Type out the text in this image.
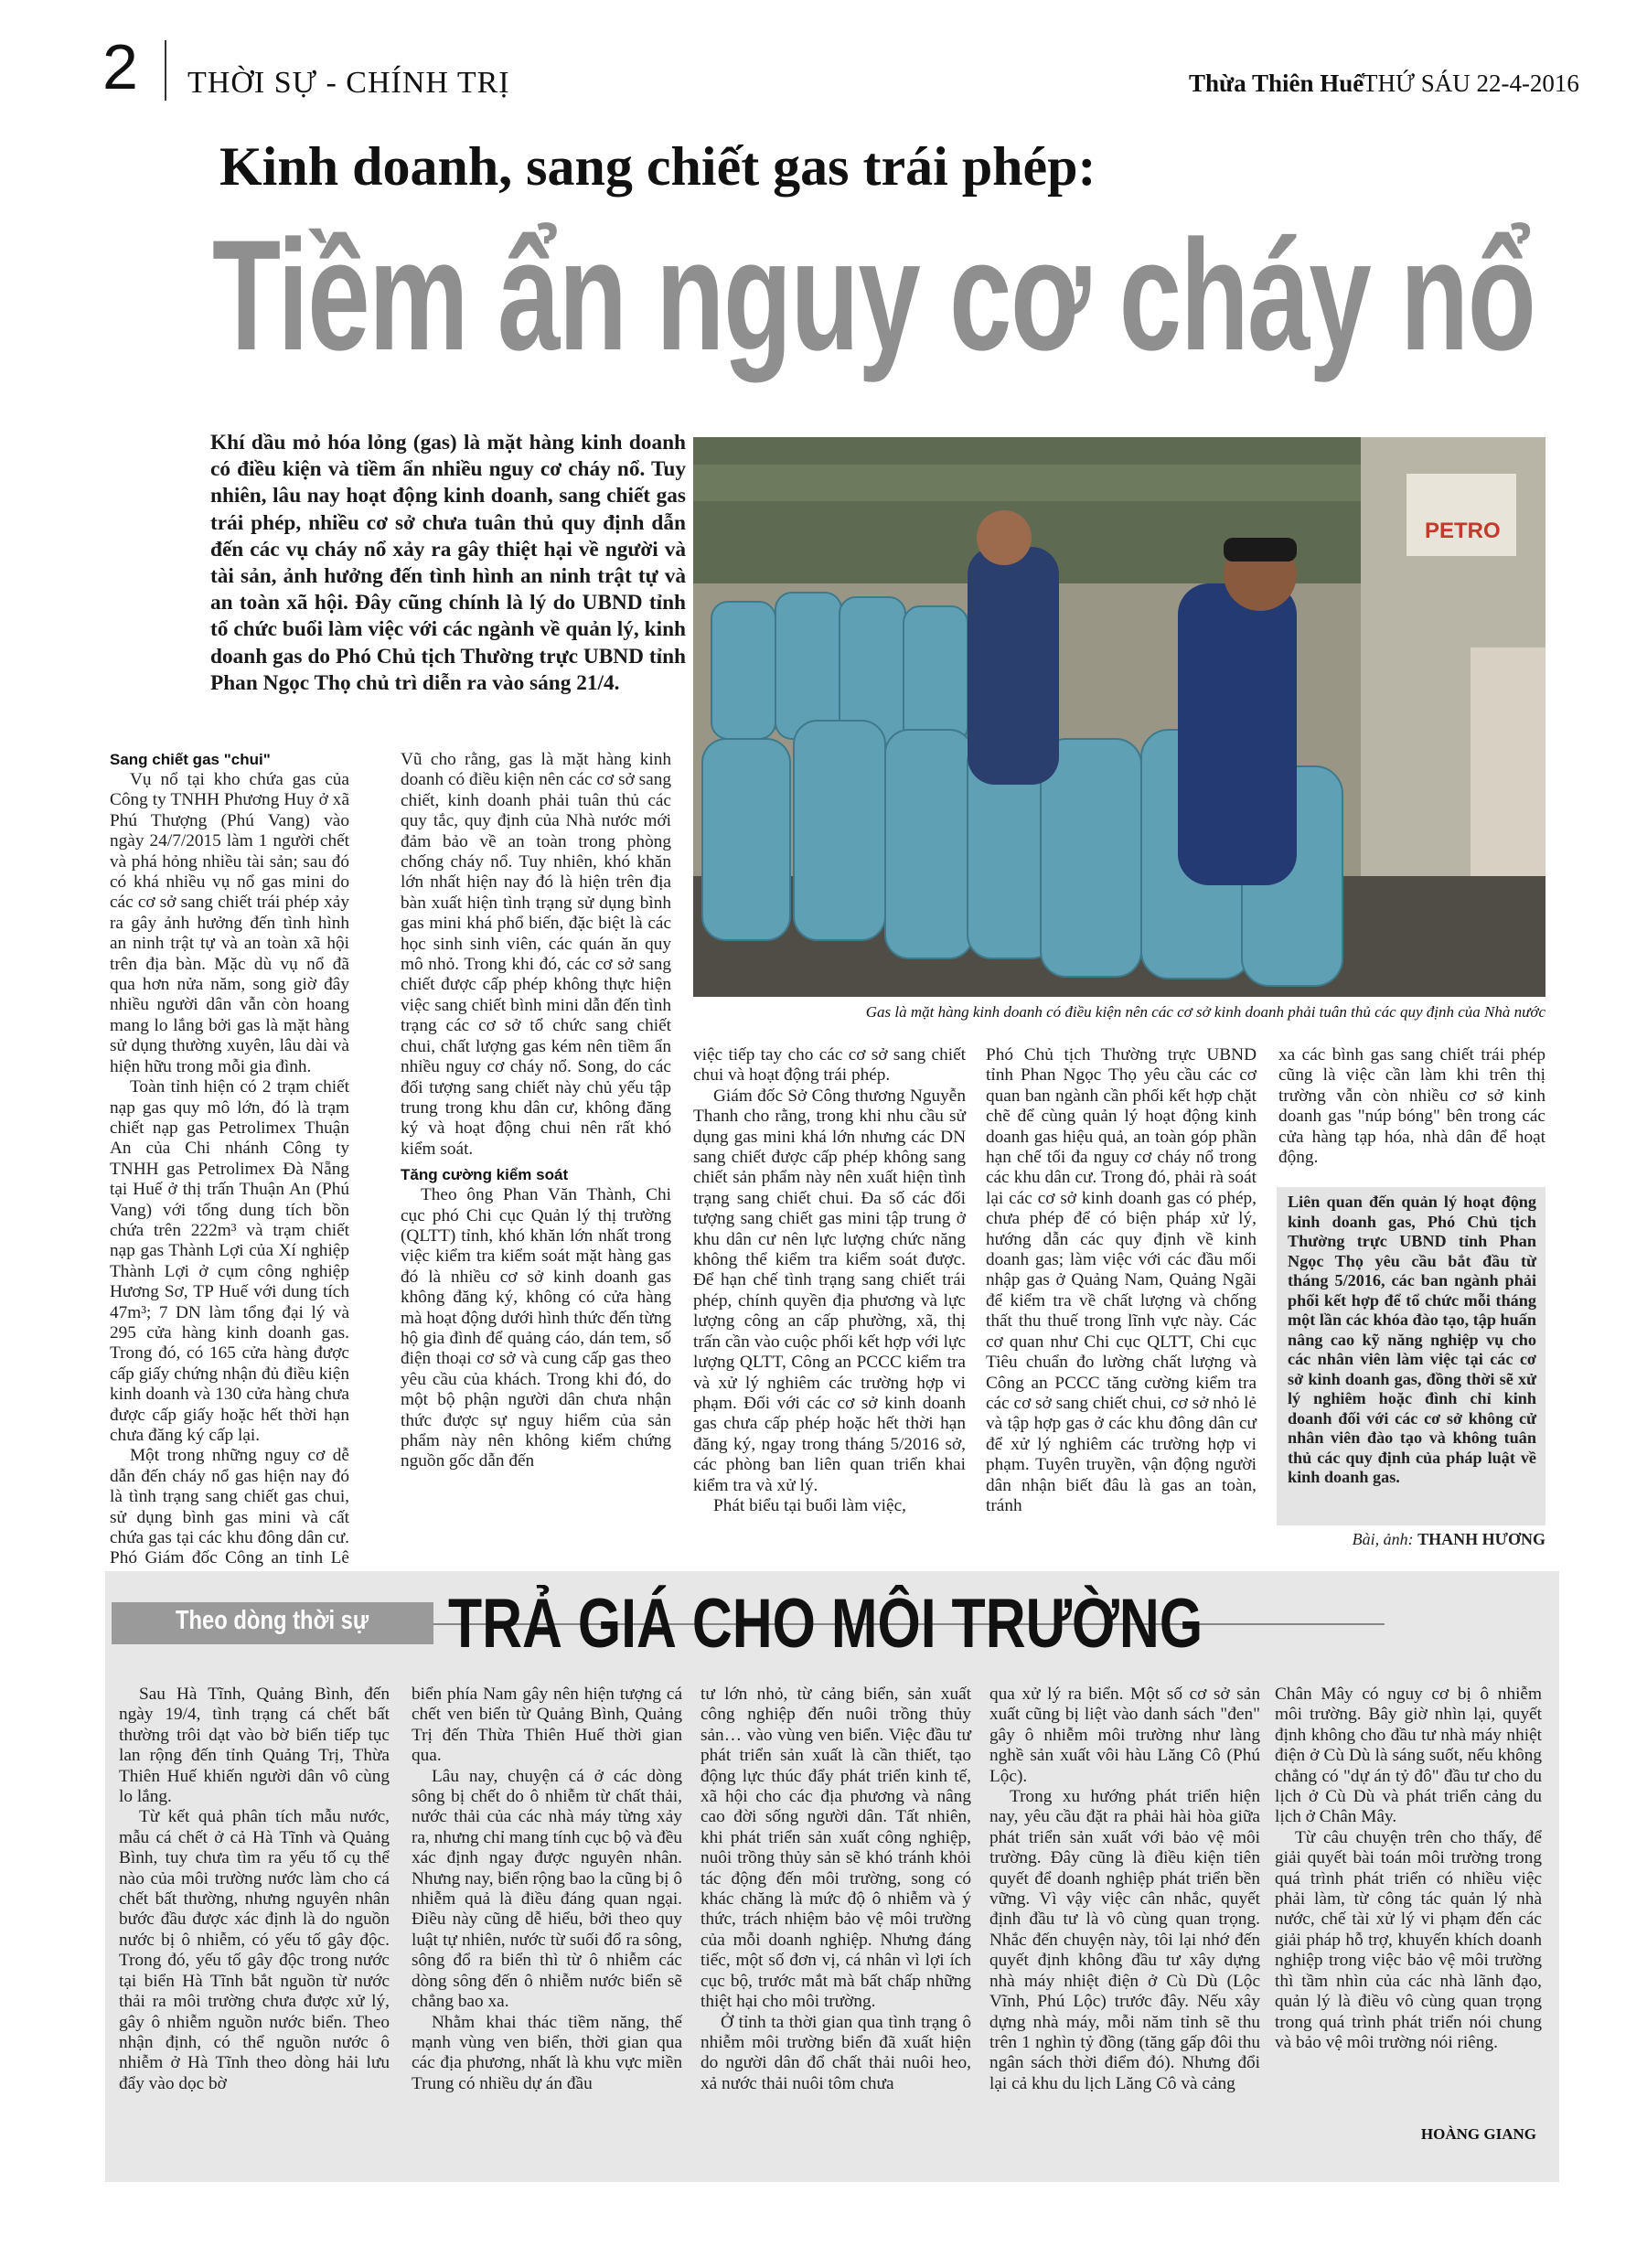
2 THỜI SỰ - CHÍNH TRỊ	Thừa Thiên Huế
THỨ SÁU 22-4-2016
Kinh doanh, sang chiết gas trái phép:
Tiềm ẩn nguy cơ cháy nổ
Khí dầu mỏ hóa lỏng (gas) là mặt hàng kinh doanh có điều kiện và tiềm ẩn nhiều nguy cơ cháy nổ. Tuy nhiên, lâu nay hoạt động kinh doanh, sang chiết gas trái phép, nhiều cơ sở chưa tuân thủ quy định dẫn đến các vụ cháy nổ xảy ra gây thiệt hại về người và tài sản, ảnh hưởng đến tình hình an ninh trật tự và an toàn xã hội. Đây cũng chính là lý do UBND tỉnh tổ chức buổi làm việc với các ngành về quản lý, kinh doanh gas do Phó Chủ tịch Thường trực UBND tỉnh Phan Ngọc Thọ chủ trì diễn ra vào sáng 21/4.
PETRO
Gas là mặt hàng kinh doanh có điều kiện nên các cơ sở kinh doanh phải tuân thủ các quy định của Nhà nước

Sang chiết gas "chui"

Vụ nổ tại kho chứa gas của Công ty TNHH Phương Huy ở xã Phú Thượng (Phú Vang) vào ngày 24/7/2015 làm 1 người chết và phá hỏng nhiều tài sản; sau đó có khá nhiều vụ nổ gas mini do các cơ sở sang chiết trái phép xảy ra gây ảnh hưởng đến tình hình an ninh trật tự và an toàn xã hội trên địa bàn. Mặc dù vụ nổ đã qua hơn nửa năm, song giờ đây nhiều người dân vẫn còn hoang mang lo lắng bởi gas là mặt hàng sử dụng thường xuyên, lâu dài và hiện hữu trong mỗi gia đình.

Toàn tỉnh hiện có 2 trạm chiết nạp gas quy mô lớn, đó là trạm chiết nạp gas Petrolimex Thuận An của Chi nhánh Công ty TNHH gas Petrolimex Đà Nẵng tại Huế ở thị trấn Thuận An (Phú Vang) với tổng dung tích bồn chứa trên 222m³ và trạm chiết nạp gas Thành Lợi của Xí nghiệp Thành Lợi ở cụm công nghiệp Hương Sơ, TP Huế với dung tích 47m³; 7 DN làm tổng đại lý và 295 cửa hàng kinh doanh gas. Trong đó, có 165 cửa hàng được cấp giấy chứng nhận đủ điều kiện kinh doanh và 130 cửa hàng chưa được cấp giấy hoặc hết thời hạn chưa đăng ký cấp lại.

Một trong những nguy cơ dễ dẫn đến cháy nổ gas hiện nay đó là tình trạng sang chiết gas chui, sử dụng bình gas mini và cất chứa gas tại các khu đông dân cư. Phó Giám đốc Công an tỉnh Lê

Vũ cho rằng, gas là mặt hàng kinh doanh có điều kiện nên các cơ sở sang chiết, kinh doanh phải tuân thủ các quy tắc, quy định của Nhà nước mới đảm bảo về an toàn trong phòng chống cháy nổ. Tuy nhiên, khó khăn lớn nhất hiện nay đó là hiện trên địa bàn xuất hiện tình trạng sử dụng bình gas mini khá phổ biến, đặc biệt là các học sinh sinh viên, các quán ăn quy mô nhỏ. Trong khi đó, các cơ sở sang chiết được cấp phép không thực hiện việc sang chiết bình mini dẫn đến tình trạng các cơ sở tổ chức sang chiết chui, chất lượng gas kém nên tiềm ẩn nhiều nguy cơ cháy nổ. Song, do các đối tượng sang chiết này chủ yếu tập trung trong khu dân cư, không đăng ký và hoạt động chui nên rất khó kiểm soát.

Tăng cường kiểm soát

Theo ông Phan Văn Thành, Chi cục phó Chi cục Quản lý thị trường (QLTT) tỉnh, khó khăn lớn nhất trong việc kiểm tra kiểm soát mặt hàng gas đó là nhiều cơ sở kinh doanh gas không đăng ký, không có cửa hàng mà hoạt động dưới hình thức đến từng hộ gia đình để quảng cáo, dán tem, số điện thoại cơ sở và cung cấp gas theo yêu cầu của khách. Trong khi đó, do một bộ phận người dân chưa nhận thức được sự nguy hiểm của sản phẩm này nên không kiểm chứng nguồn gốc dẫn đến

việc tiếp tay cho các cơ sở sang chiết chui và hoạt động trái phép.

Giám đốc Sở Công thương Nguyễn Thanh cho rằng, trong khi nhu cầu sử dụng gas mini khá lớn nhưng các DN sang chiết được cấp phép không sang chiết sản phẩm này nên xuất hiện tình trạng sang chiết chui. Đa số các đối tượng sang chiết gas mini tập trung ở khu dân cư nên lực lượng chức năng không thể kiểm tra kiểm soát được. Để hạn chế tình trạng sang chiết trái phép, chính quyền địa phương và lực lượng công an cấp phường, xã, thị trấn cần vào cuộc phối kết hợp với lực lượng QLTT, Công an PCCC kiểm tra và xử lý nghiêm các trường hợp vi phạm. Đối với các cơ sở kinh doanh gas chưa cấp phép hoặc hết thời hạn đăng ký, ngay trong tháng 5/2016 sở, các phòng ban liên quan triển khai kiểm tra và xử lý.

Phát biểu tại buổi làm việc,

Phó Chủ tịch Thường trực UBND tỉnh Phan Ngọc Thọ yêu cầu các cơ quan ban ngành cần phối kết hợp chặt chẽ để cùng quản lý hoạt động kinh doanh gas hiệu quả, an toàn góp phần hạn chế tối đa nguy cơ cháy nổ trong các khu dân cư. Trong đó, phải rà soát lại các cơ sở kinh doanh gas có phép, chưa phép để có biện pháp xử lý, hướng dẫn các quy định về kinh doanh gas; làm việc với các đầu mối nhập gas ở Quảng Nam, Quảng Ngãi để kiểm tra về chất lượng và chống thất thu thuế trong lĩnh vực này. Các cơ quan như Chi cục QLTT, Chi cục Tiêu chuẩn đo lường chất lượng và Công an PCCC tăng cường kiểm tra các cơ sở sang chiết chui, cơ sở nhỏ lẻ và tập hợp gas ở các khu đông dân cư để xử lý nghiêm các trường hợp vi phạm. Tuyên truyền, vận động người dân nhận biết đâu là gas an toàn, tránh

xa các bình gas sang chiết trái phép cũng là việc cần làm khi trên thị trường vẫn còn nhiều cơ sở kinh doanh gas "núp bóng" bên trong các cửa hàng tạp hóa, nhà dân để hoạt động.

Liên quan đến quản lý hoạt động kinh doanh gas, Phó Chủ tịch Thường trực UBND tỉnh Phan Ngọc Thọ yêu cầu bắt đầu từ tháng 5/2016, các ban ngành phải phối kết hợp để tổ chức mỗi tháng một lần các khóa đào tạo, tập huấn nâng cao kỹ năng nghiệp vụ cho các nhân viên làm việc tại các cơ sở kinh doanh gas, đồng thời sẽ xử lý nghiêm hoặc đình chỉ kinh doanh đối với các cơ sở không cử nhân viên đào tạo và không tuân thủ các quy định của pháp luật về kinh doanh gas.
Bài, ảnh: THANH HƯƠNG
Theo dòng thời sự TRẢ GIÁ CHO MÔI TRƯỜNG

Sau Hà Tĩnh, Quảng Bình, đến ngày 19/4, tình trạng cá chết bất thường trôi dạt vào bờ biển tiếp tục lan rộng đến tỉnh Quảng Trị, Thừa Thiên Huế khiến người dân vô cùng lo lắng.

Từ kết quả phân tích mẫu nước, mẫu cá chết ở cả Hà Tĩnh và Quảng Bình, tuy chưa tìm ra yếu tố cụ thể nào của môi trường nước làm cho cá chết bất thường, nhưng nguyên nhân bước đầu được xác định là do nguồn nước bị ô nhiễm, có yếu tố gây độc. Trong đó, yếu tố gây độc trong nước tại biển Hà Tĩnh bắt nguồn từ nước thải ra môi trường chưa được xử lý, gây ô nhiễm nguồn nước biển. Theo nhận định, có thể nguồn nước ô nhiễm ở Hà Tĩnh theo dòng hải lưu đẩy vào dọc bờ

biển phía Nam gây nên hiện tượng cá chết ven biển từ Quảng Bình, Quảng Trị đến Thừa Thiên Huế thời gian qua.

Lâu nay, chuyện cá ở các dòng sông bị chết do ô nhiễm từ chất thải, nước thải của các nhà máy từng xảy ra, nhưng chỉ mang tính cục bộ và đều xác định ngay được nguyên nhân. Nhưng nay, biển rộng bao la cũng bị ô nhiễm quả là điều đáng quan ngại. Điều này cũng dễ hiểu, bởi theo quy luật tự nhiên, nước từ suối đổ ra sông, sông đổ ra biển thì từ ô nhiễm các dòng sông đến ô nhiễm nước biển sẽ chẳng bao xa.

Nhằm khai thác tiềm năng, thế mạnh vùng ven biển, thời gian qua các địa phương, nhất là khu vực miền Trung có nhiều dự án đầu

tư lớn nhỏ, từ cảng biển, sản xuất công nghiệp đến nuôi trồng thủy sản… vào vùng ven biển. Việc đầu tư phát triển sản xuất là cần thiết, tạo động lực thúc đẩy phát triển kinh tế, xã hội cho các địa phương và nâng cao đời sống người dân. Tất nhiên, khi phát triển sản xuất công nghiệp, nuôi trồng thủy sản sẽ khó tránh khỏi tác động đến môi trường, song có khác chăng là mức độ ô nhiễm và ý thức, trách nhiệm bảo vệ môi trường của mỗi doanh nghiệp. Nhưng đáng tiếc, một số đơn vị, cá nhân vì lợi ích cục bộ, trước mắt mà bất chấp những thiệt hại cho môi trường.

Ở tỉnh ta thời gian qua tình trạng ô nhiễm môi trường biển đã xuất hiện do người dân đổ chất thải nuôi heo, xả nước thải nuôi tôm chưa

qua xử lý ra biển. Một số cơ sở sản xuất cũng bị liệt vào danh sách "đen" gây ô nhiễm môi trường như làng nghề sản xuất vôi hàu Lăng Cô (Phú Lộc).

Trong xu hướng phát triển hiện nay, yêu cầu đặt ra phải hài hòa giữa phát triển sản xuất với bảo vệ môi trường. Đây cũng là điều kiện tiên quyết để doanh nghiệp phát triển bền vững. Vì vậy việc cân nhắc, quyết định đầu tư là vô cùng quan trọng. Nhắc đến chuyện này, tôi lại nhớ đến quyết định không đầu tư xây dựng nhà máy nhiệt điện ở Cù Dù (Lộc Vĩnh, Phú Lộc) trước đây. Nếu xây dựng nhà máy, mỗi năm tỉnh sẽ thu trên 1 nghìn tỷ đồng (tăng gấp đôi thu ngân sách thời điểm đó). Nhưng đổi lại cả khu du lịch Lăng Cô và cảng

Chân Mây có nguy cơ bị ô nhiễm môi trường. Bây giờ nhìn lại, quyết định không cho đầu tư nhà máy nhiệt điện ở Cù Dù là sáng suốt, nếu không chẳng có "dự án tỷ đô" đầu tư cho du lịch ở Cù Dù và phát triển cảng du lịch ở Chân Mây.

Từ câu chuyện trên cho thấy, để giải quyết bài toán môi trường trong quá trình phát triển có nhiều việc phải làm, từ công tác quản lý nhà nước, chế tài xử lý vi phạm đến các giải pháp hỗ trợ, khuyến khích doanh nghiệp trong việc bảo vệ môi trường thì tầm nhìn của các nhà lãnh đạo, quản lý là điều vô cùng quan trọng trong quá trình phát triển nói chung và bảo vệ môi trường nói riêng.

HOÀNG GIANG
